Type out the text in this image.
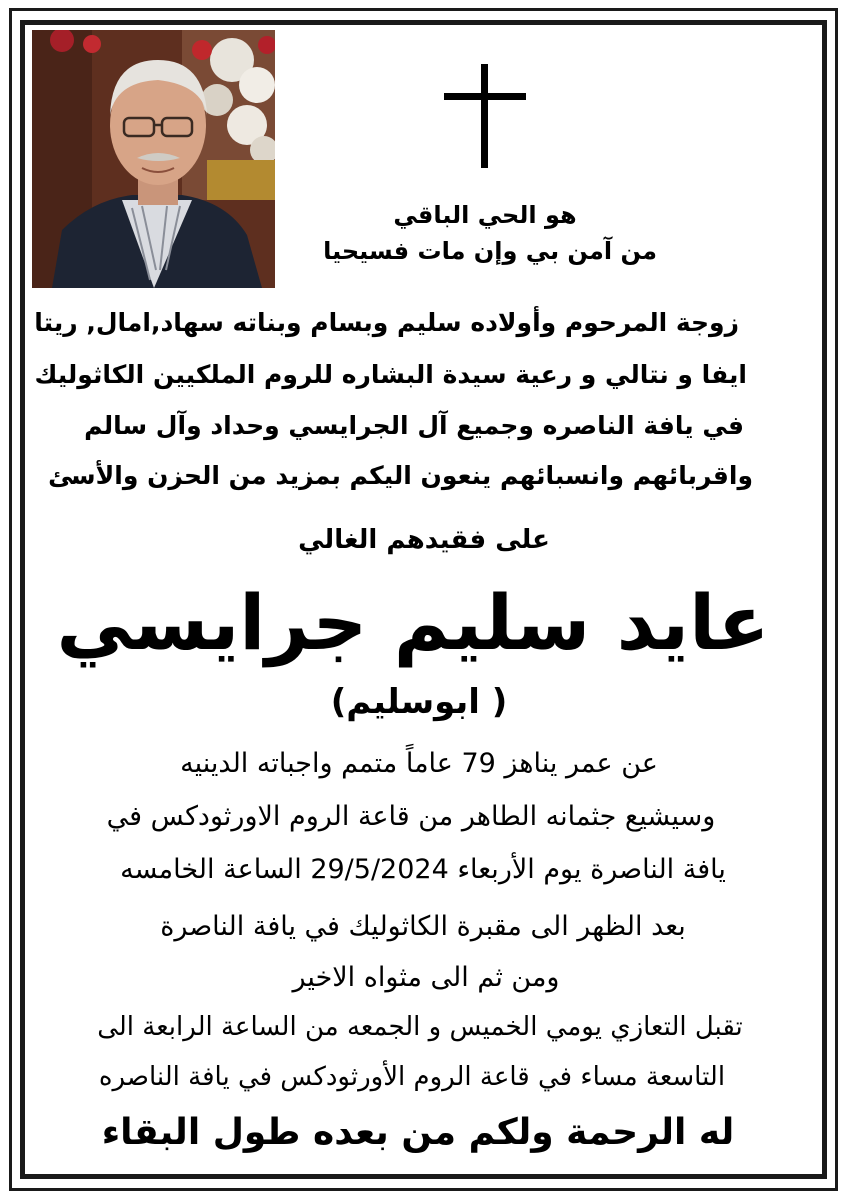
هو الحي الباقي
من آمن بي وإن مات فسيحيا
زوجة المرحوم وأولاده سليم وبسام وبناته سهاد,امال, ريتا
ايفا و نتالي و رعية سيدة البشاره للروم الملكيين الكاثوليك
في يافة الناصره وجميع آل الجرايسي وحداد وآل سالم
واقربائهم وانسبائهم ينعون اليكم بمزيد من الحزن والأسئ
على فقيدهم الغالي
عايد سليم جرايسي
( ابوسليم)
عن عمر يناهز 79 عاماً متمم واجباته الدينيه
وسيشيع جثمانه الطاهر من قاعة الروم الاورثودكس في
يافة الناصرة يوم الأربعاء 29/5/2024 الساعة الخامسه
بعد الظهر الى مقبرة الكاثوليك في يافة الناصرة
ومن ثم الى مثواه الاخير
تقبل التعازي يومي الخميس و الجمعه من الساعة الرابعة الى
التاسعة مساء في قاعة الروم الأورثودكس في يافة الناصره
له الرحمة ولكم من بعده طول البقاء
